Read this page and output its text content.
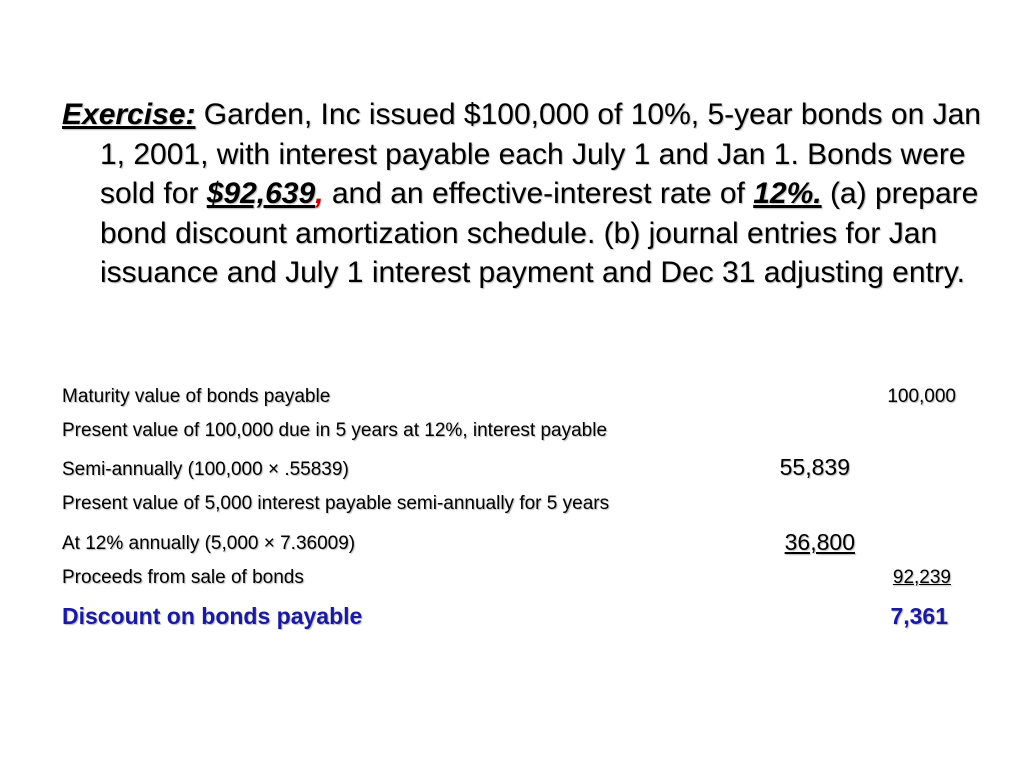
Exercise: Garden, Inc issued $100,000 of 10%, 5-year bonds on Jan 1, 2001, with interest payable each July 1 and Jan 1. Bonds were sold for $92,639, and an effective-interest rate of 12%. (a) prepare bond discount amortization schedule. (b) journal entries for Jan issuance and July 1 interest payment and Dec 31 adjusting entry.
Maturity value of bonds payable	100,000
Present value of 100,000 due in 5 years at 12%, interest payable
Semi-annually (100,000 × .55839)	55,839
Present value of 5,000 interest payable semi-annually for 5 years
At 12% annually (5,000 × 7.36009)	36,800
Proceeds from sale of bonds	92,239
Discount on bonds payable	7,361
